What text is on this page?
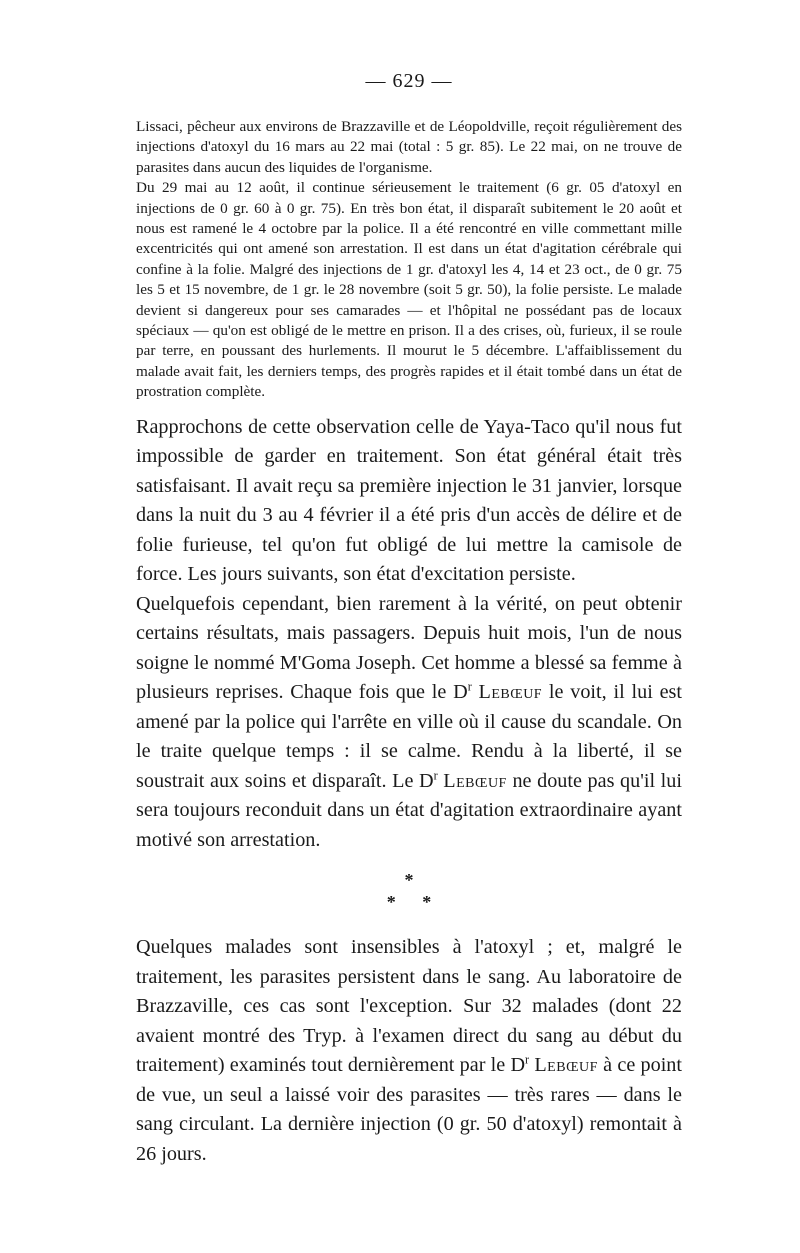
— 629 —

Lissaci, pêcheur aux environs de Brazzaville et de Léopoldville, reçoit régulièrement des injections d'atoxyl du 16 mars au 22 mai (total : 5 gr. 85). Le 22 mai, on ne trouve de parasites dans aucun des liquides de l'organisme.

Du 29 mai au 12 août, il continue sérieusement le traitement (6 gr. 05 d'atoxyl en injections de 0 gr. 60 à 0 gr. 75). En très bon état, il disparaît subitement le 20 août et nous est ramené le 4 octobre par la police. Il a été rencontré en ville commettant mille excentricités qui ont amené son arrestation. Il est dans un état d'agitation cérébrale qui confine à la folie. Malgré des injections de 1 gr. d'atoxyl les 4, 14 et 23 oct., de 0 gr. 75 les 5 et 15 novembre, de 1 gr. le 28 novembre (soit 5 gr. 50), la folie persiste. Le malade devient si dangereux pour ses camarades — et l'hôpital ne possédant pas de locaux spéciaux — qu'on est obligé de le mettre en prison. Il a des crises, où, furieux, il se roule par terre, en poussant des hurlements. Il mourut le 5 décembre. L'affaiblissement du malade avait fait, les derniers temps, des progrès rapides et il était tombé dans un état de prostration complète.

Rapprochons de cette observation celle de Yaya-Taco qu'il nous fut impossible de garder en traitement. Son état général était très satisfaisant. Il avait reçu sa première injection le 31 janvier, lorsque dans la nuit du 3 au 4 février il a été pris d'un accès de délire et de folie furieuse, tel qu'on fut obligé de lui mettre la camisole de force. Les jours suivants, son état d'excitation persiste.

Quelquefois cependant, bien rarement à la vérité, on peut obtenir certains résultats, mais passagers. Depuis huit mois, l'un de nous soigne le nommé M'Goma Joseph. Cet homme a blessé sa femme à plusieurs reprises. Chaque fois que le $D^r$ Lebœuf le voit, il lui est amené par la police qui l'arrête en ville où il cause du scandale. On le traite quelque temps : il se calme. Rendu à la liberté, il se soustrait aux soins et disparaît. Le $D^r$ Lebœuf ne doute pas qu'il lui sera toujours reconduit dans un état d'agitation extraordinaire ayant motivé son arrestation.

*
* *

Quelques malades sont insensibles à l'atoxyl ; et, malgré le traitement, les parasites persistent dans le sang. Au laboratoire de Brazzaville, ces cas sont l'exception. Sur 32 malades (dont 22 avaient montré des Tryp. à l'examen direct du sang au début du traitement) examinés tout dernièrement par le $D^r$ Lebœuf à ce point de vue, un seul a laissé voir des parasites — très rares — dans le sang circulant. La dernière injection (0 gr. 50 d'atoxyl) remontait à 26 jours.
